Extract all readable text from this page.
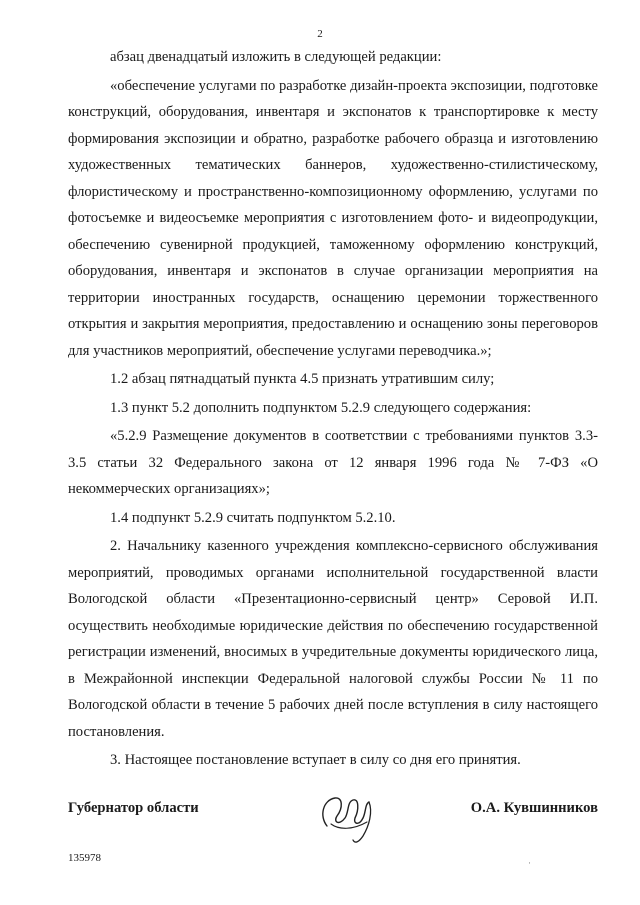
2

абзац двенадцатый изложить в следующей редакции:

«обеспечение услугами по разработке дизайн-проекта экспозиции, подготовке конструкций, оборудования, инвентаря и экспонатов к транспортировке к месту формирования экспозиции и обратно, разработке рабочего образца и изготовлению художественных тематических баннеров, художественно-стилистическому, флористическому и пространственно-композиционному оформлению, услугами по фотосъемке и видеосъемке мероприятия с изготовлением фото- и видеопродукции, обеспечению сувенирной продукцией, таможенному оформлению конструкций, оборудования, инвентаря и экспонатов в случае организации мероприятия на территории иностранных государств, оснащению церемонии торжественного открытия и закрытия мероприятия, предоставлению и оснащению зоны переговоров для участников мероприятий, обеспечение услугами переводчика.»;

1.2 абзац пятнадцатый пункта 4.5 признать утратившим силу;

1.3 пункт 5.2 дополнить подпунктом 5.2.9 следующего содержания:

«5.2.9 Размещение документов в соответствии с требованиями пунктов 3.3-3.5 статьи 32 Федерального закона от 12 января 1996 года № 7-ФЗ «О некоммерческих организациях»;

1.4 подпункт 5.2.9 считать подпунктом 5.2.10.

2. Начальнику казенного учреждения комплексно-сервисного обслуживания мероприятий, проводимых органами исполнительной государственной власти Вологодской области «Презентационно-сервисный центр» Серовой И.П. осуществить необходимые юридические действия по обеспечению государственной регистрации изменений, вносимых в учредительные документы юридического лица, в Межрайонной инспекции Федеральной налоговой службы России № 11 по Вологодской области в течение 5 рабочих дней после вступления в силу настоящего постановления.

3. Настоящее постановление вступает в силу со дня его принятия.

Губернатор области	О.А. Кувшинников
135978	·
